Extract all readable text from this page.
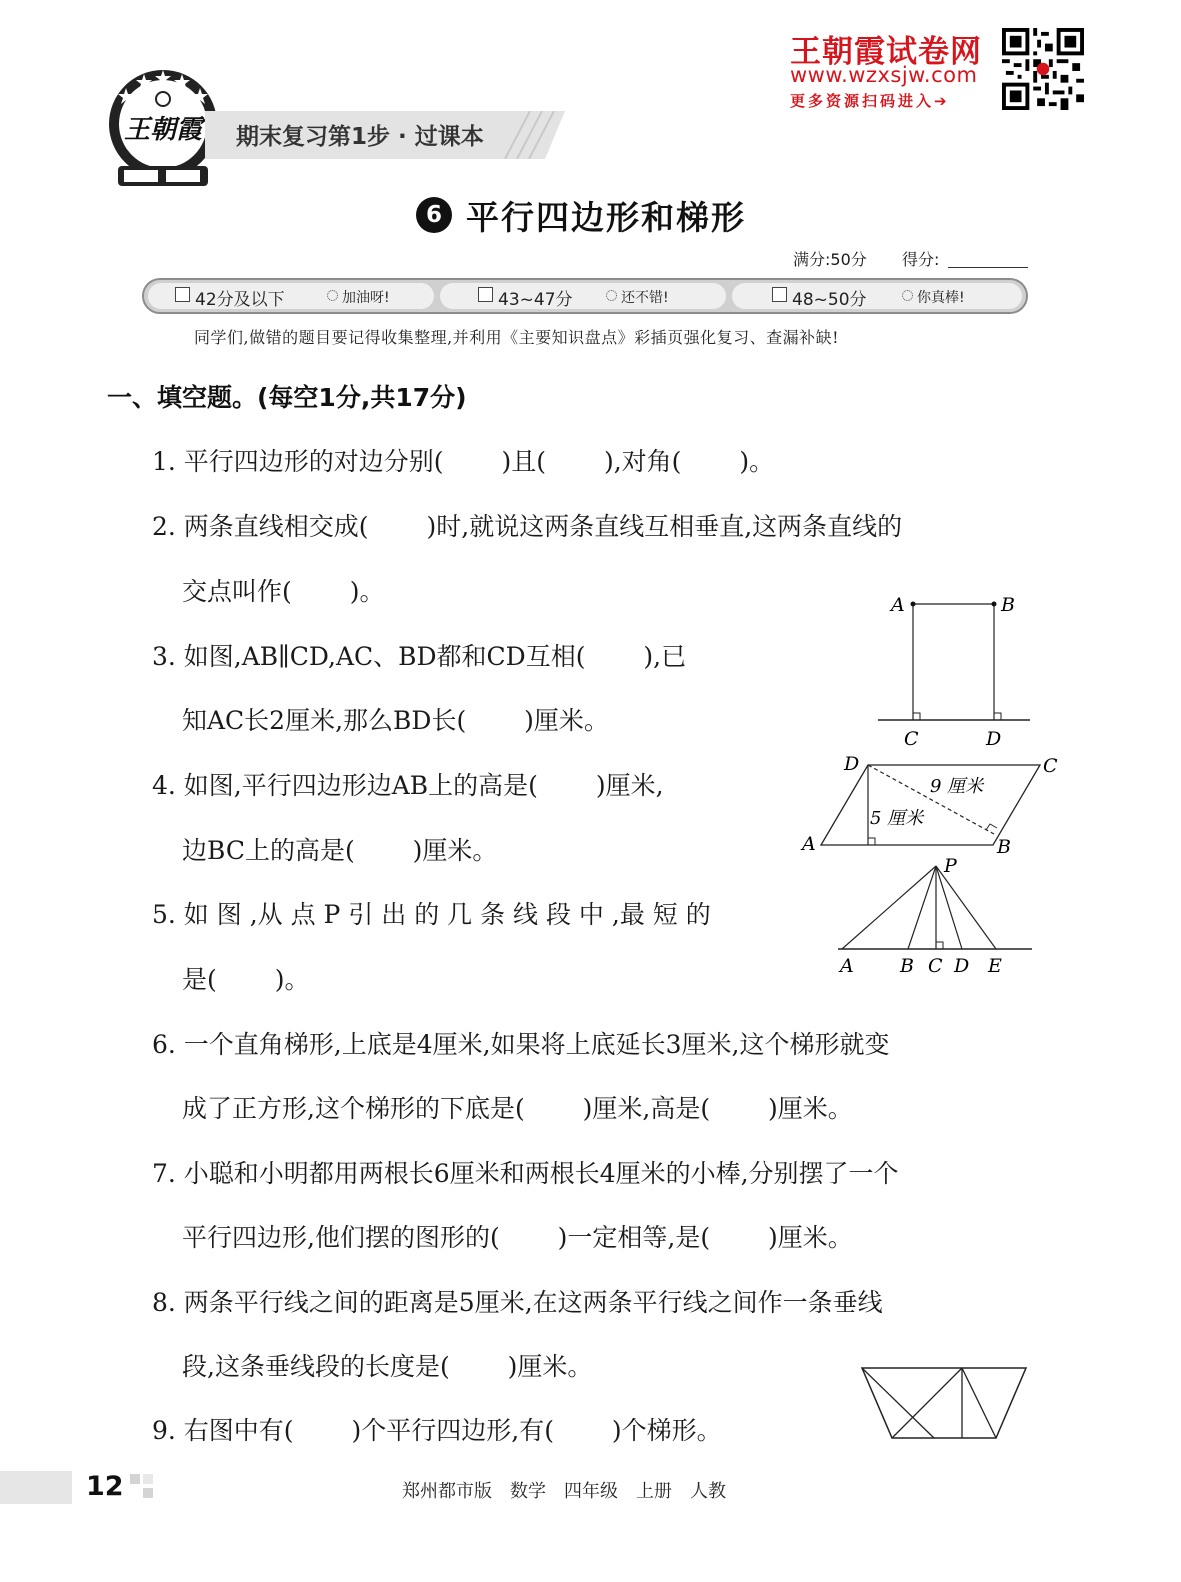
王朝霞试卷网
www.wzxsjw.com
更多资源扫码进入➔
王朝霞 期末复习第1步 · 过课本
6 平行四边形和梯形
满分:50分 得分:
42分及以下	加油呀!	43~47分	还不错!	48~50分	你真棒!
同学们,做错的题目要记得收集整理,并利用《主要知识盘点》彩插页强化复习、查漏补缺!
一、填空题。(每空1分,共17分)
1. 平行四边形的对边分别(　　 )且(　　 ),对角(　　 )。
2. 两条直线相交成(　　 )时,就说这两条直线互相垂直,这两条直线的
交点叫作(　　 )。
3. 如图,AB∥CD,AC、BD都和CD互相(　　 ),已
知AC长2厘米,那么BD长(　　 )厘米。
4. 如图,平行四边形边AB上的高是(　　 )厘米,
边BC上的高是(　　 )厘米。
5. 如 图 ,从 点 P 引 出 的 几 条 线 段 中 ,最 短 的
是(　　 )。
6. 一个直角梯形,上底是4厘米,如果将上底延长3厘米,这个梯形就变
成了正方形,这个梯形的下底是(　　 )厘米,高是(　　 )厘米。
7. 小聪和小明都用两根长6厘米和两根长4厘米的小棒,分别摆了一个
平行四边形,他们摆的图形的(　　 )一定相等,是(　　 )厘米。
8. 两条平行线之间的距离是5厘米,在这两条平行线之间作一条垂线
段,这条垂线段的长度是(　　 )厘米。
9. 右图中有(　　 )个平行四边形,有(　　 )个梯形。
A	B
C	D
D	C
A	B
9 厘米
5 厘米
P
A B C D E
12	郑州都市版　数学　四年级　上册　人教
